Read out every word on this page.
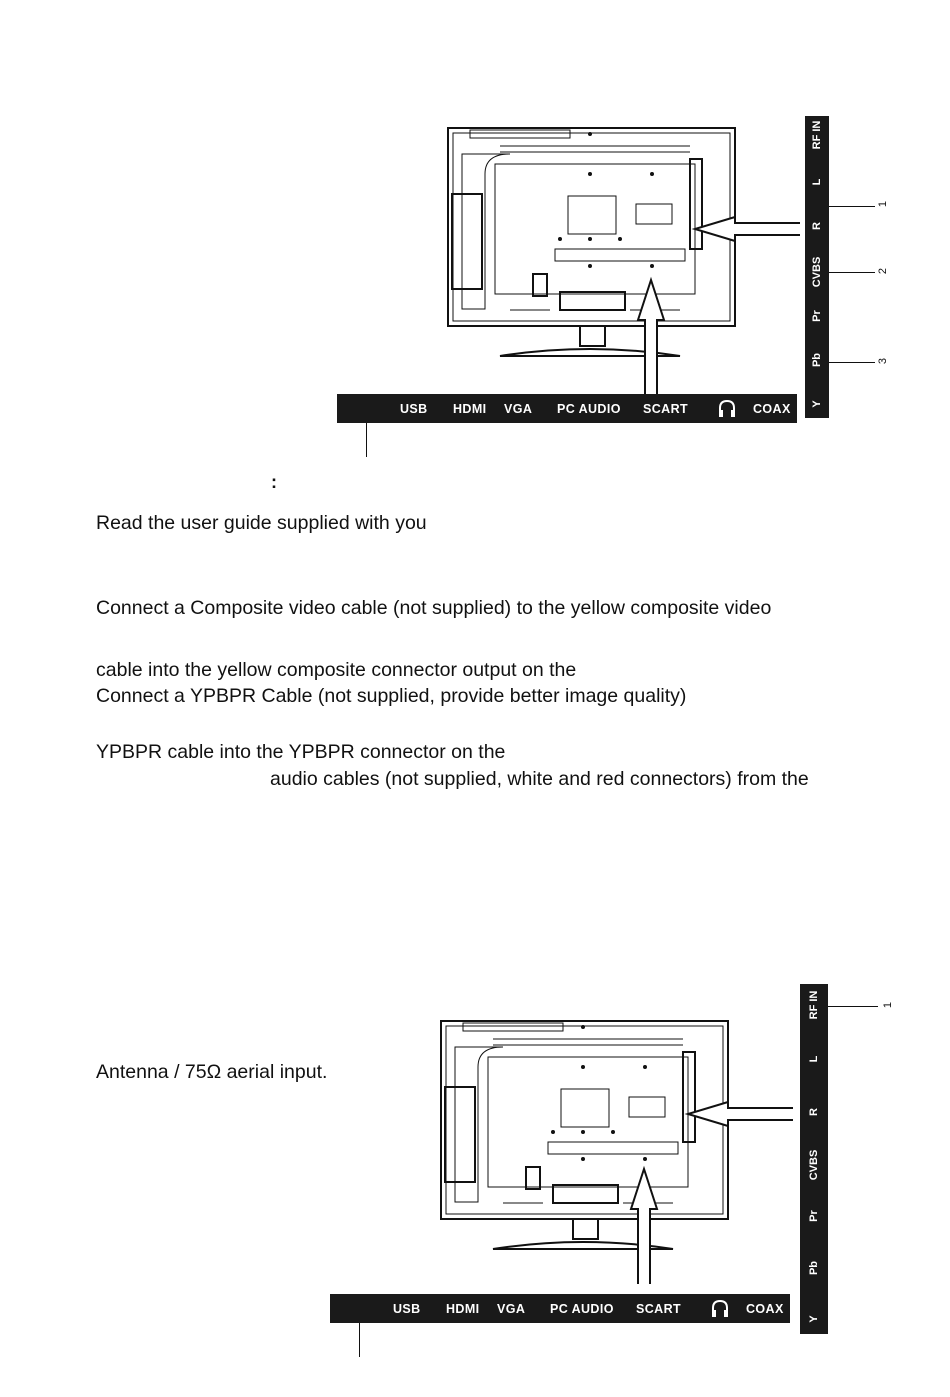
USB HDMI VGA PC AUDIO SCART	COAX
RF IN
L
R
CVBS
Pr
Pb
Y
1
2
3
:
Read the user guide supplied with you
Connect a Composite video cable (not supplied) to the yellow composite video
cable into the yellow composite connector output on the
Connect a YPBPR Cable (not supplied, provide better image quality)
YPBPR cable into the YPBPR connector on the
audio cables (not supplied, white and red connectors) from the
Antenna / 75Ω aerial input.
USB HDMI VGA PC AUDIO SCART	COAX
RF IN
L
R
CVBS
Pr
Pb
Y
1
